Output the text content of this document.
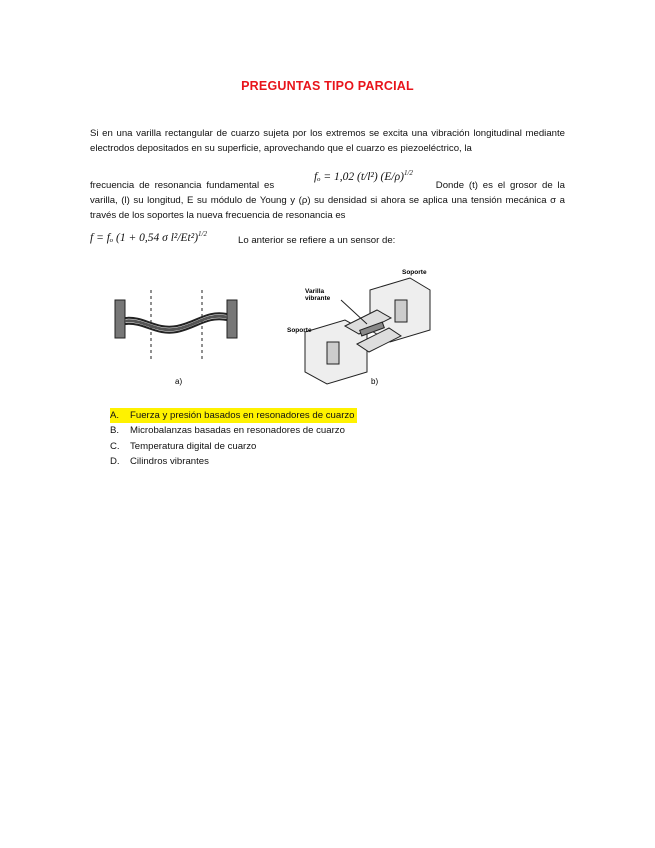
PREGUNTAS TIPO PARCIAL
Si en una varilla rectangular de cuarzo sujeta por los extremos se excita una vibración longitudinal mediante electrodos depositados en su superficie, aprovechando que el cuarzo es piezoeléctrico, la
fₒ = 1,02 (t/l²) $(E/\rho)^{1/2}$
frecuencia de resonancia fundamental es	Donde (t) es el grosor de la varilla, (l) su longitud, E su módulo de Young y (ρ) su densidad si ahora se aplica una tensión mecánica σ a través de los soportes la nueva frecuencia de resonancia es
f = fₒ (1 + 0,54 σ l²/Et²)$^{1/2}$
Lo anterior se refiere a un sensor de:
a)
Soporte
Varilla
vibrante
Soporte
b)
A. Fuerza y presión basados en resonadores de cuarzo
B. Microbalanzas basadas en resonadores de cuarzo
C. Temperatura digital de cuarzo
D. Cilindros vibrantes
